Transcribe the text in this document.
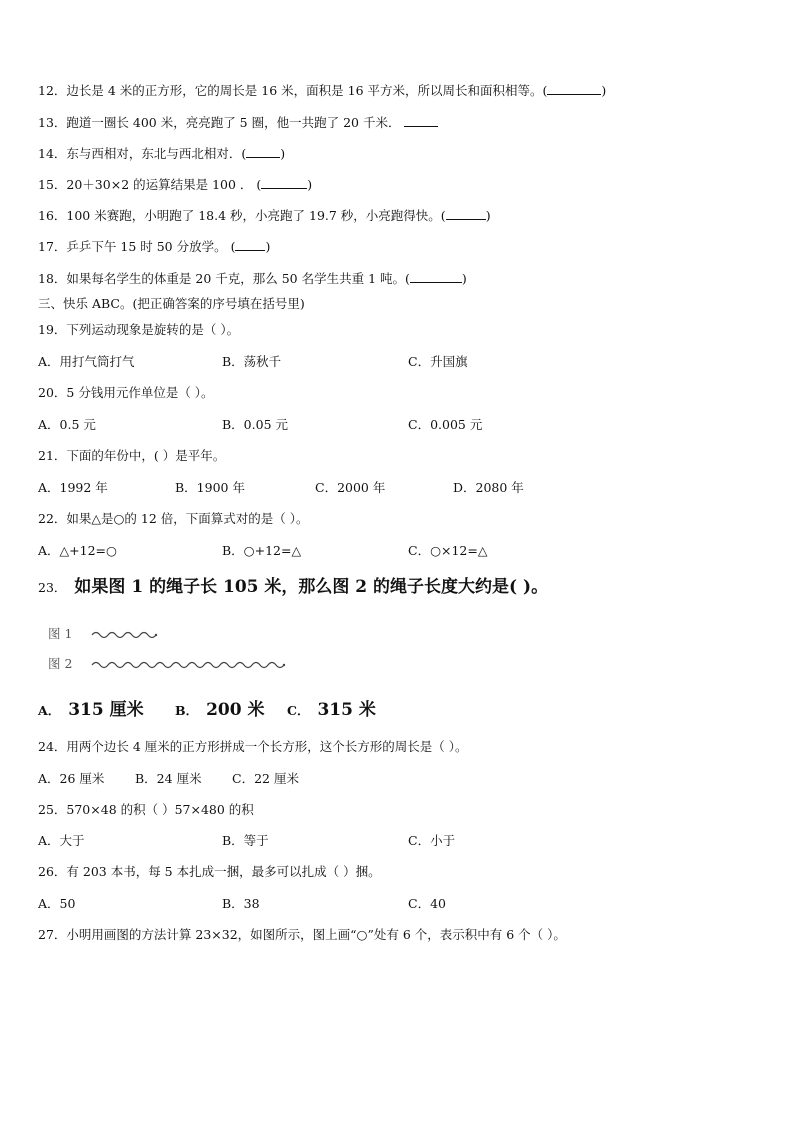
12．边长是 4 米的正方形，它的周长是 16 米，面积是 16 平方米，所以周长和面积相等。(	)
13．跑道一圈长 400 米，亮亮跑了 5 圈，他一共跑了 20 千米．
14．东与西相对，东北与西北相对．(	)
15．20＋30×2 的运算结果是 100 ． (	)
16．100 米赛跑，小明跑了 18.4 秒，小亮跑了 19.7 秒，小亮跑得快。(	)
17．乒乒下午 15 时 50 分放学。 ( )
18．如果每名学生的体重是 20 千克，那么 50 名学生共重 1 吨。(	)
三、快乐 ABC。(把正确答案的序号填在括号里)
19．下列运动现象是旋转的是（ ）。
A．用打气筒打气	B．荡秋千	C．升国旗
20．5 分钱用元作单位是（ ）。
A．0.5 元	B．0.05 元	C．0.005 元
21．下面的年份中，( ）是平年。
A．1992 年	B．1900 年	C．2000 年	D．2080 年
22．如果△是○的 12 倍，下面算式对的是（ ）。
A．△+12=○	B．○+12=△	C．○×12=△
23． 如果图 1 的绳子长 105 米，那么图 2 的绳子长度大约是( )。
图 1
图 2
A． 315 厘米	B． 200 米 C． 315 米
24．用两个边长 4 厘米的正方形拼成一个长方形，这个长方形的周长是（ ）。
A．26 厘米 B．24 厘米 C．22 厘米
25．570×48 的积（ ）57×480 的积
A．大于	B．等于	C．小于
26．有 203 本书，每 5 本扎成一捆，最多可以扎成（ ）捆。
A．50	B．38	C．40
27．小明用画图的方法计算 23×32，如图所示，图上画“○”处有 6 个，表示积中有 6 个（ ）。
